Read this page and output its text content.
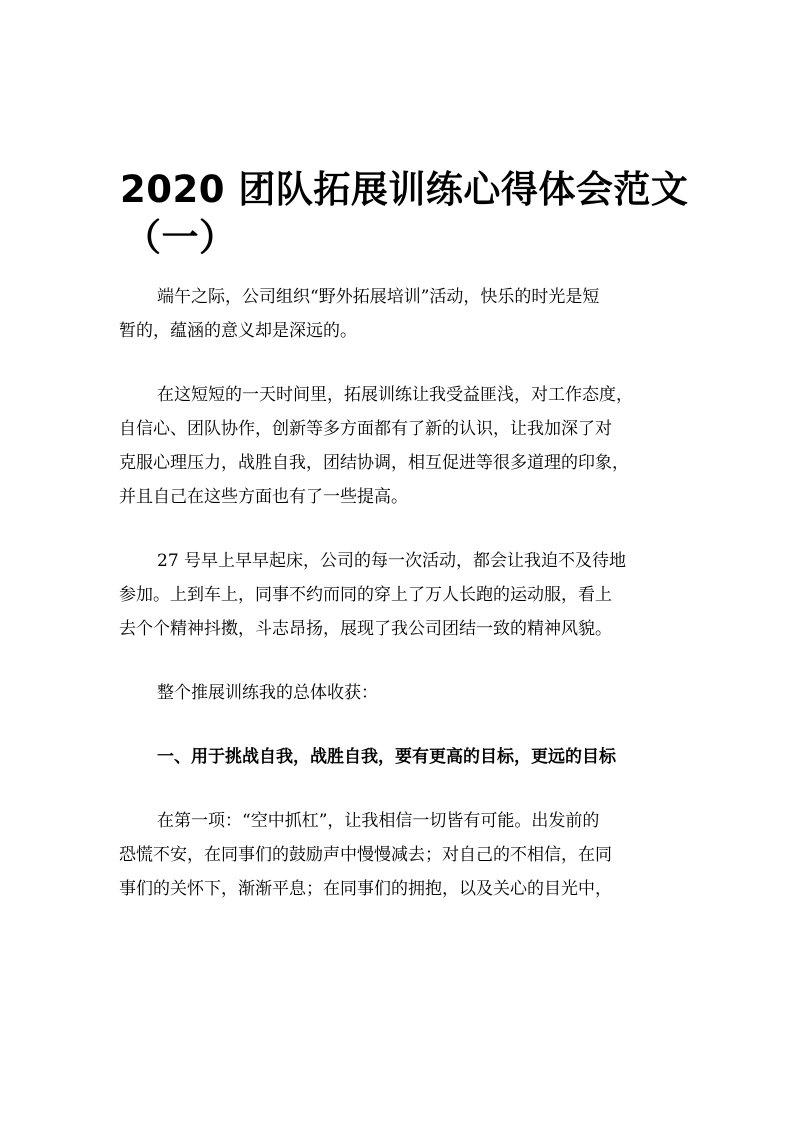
2020 团队拓展训练心得体会范文
（一）

端午之际，公司组织“野外拓展培训”活动，快乐的时光是短
暂的，蕴涵的意义却是深远的。

在这短短的一天时间里，拓展训练让我受益匪浅，对工作态度，
自信心、团队协作，创新等多方面都有了新的认识，让我加深了对
克服心理压力，战胜自我，团结协调，相互促进等很多道理的印象，
并且自己在这些方面也有了一些提高。

27 号早上早早起床，公司的每一次活动，都会让我迫不及待地
参加。上到车上，同事不约而同的穿上了万人长跑的运动服，看上
去个个精神抖擞，斗志昂扬，展现了我公司团结一致的精神风貌。

整个推展训练我的总体收获：

一、用于挑战自我，战胜自我，要有更高的目标，更远的目标

在第一项：“空中抓杠”，让我相信一切皆有可能。出发前的
恐慌不安，在同事们的鼓励声中慢慢减去；对自己的不相信，在同
事们的关怀下，渐渐平息；在同事们的拥抱，以及关心的目光中，
